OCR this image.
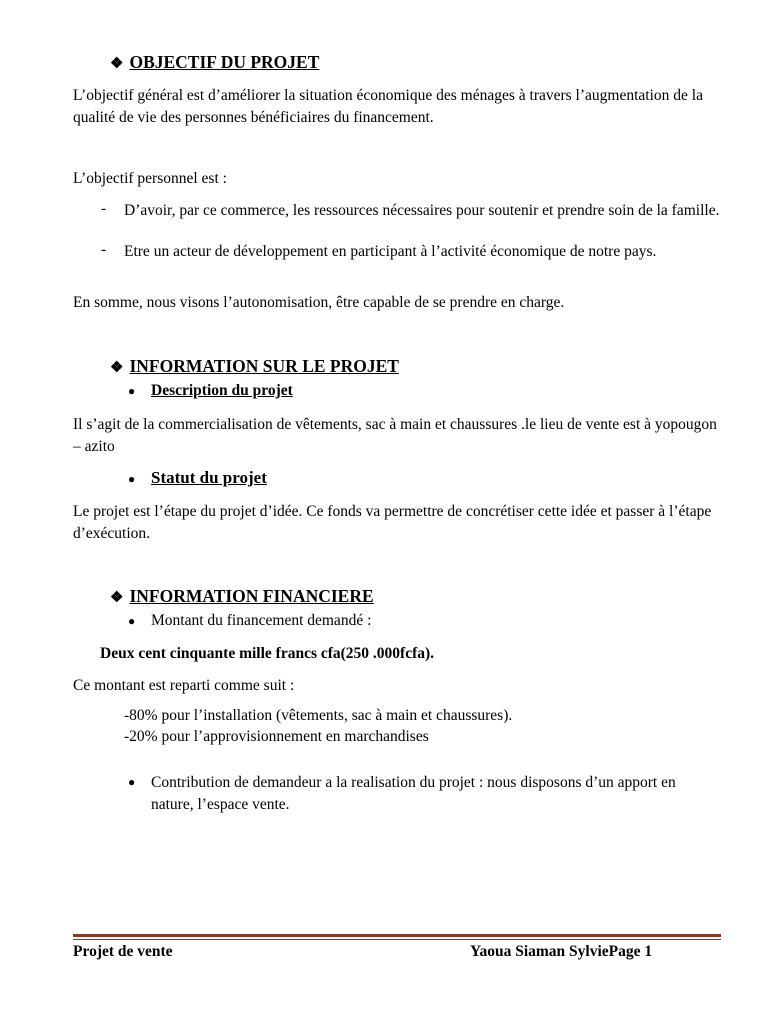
❖ OBJECTIF DU PROJET
L’objectif général est d’améliorer la situation économique des ménages à travers l’augmentation de la qualité de vie des personnes bénéficiaires du financement.
L’objectif personnel est :
- D’avoir, par ce commerce, les ressources nécessaires pour soutenir et prendre soin de la famille.
- Etre un acteur de développement en participant à l’activité économique de notre pays.
En somme, nous visons l’autonomisation, être capable de se prendre en charge.
❖ INFORMATION SUR LE PROJET
● Description du projet
Il s’agit de la commercialisation de vêtements, sac à main et chaussures .le lieu de vente est à yopougon – azito
● Statut du projet
Le projet est l’étape du projet d’idée. Ce fonds va permettre de concrétiser cette idée et passer à l’étape d’exécution.
❖ INFORMATION FINANCIERE
● Montant du financement demandé :
Deux cent cinquante mille francs cfa(250 .000fcfa).
Ce montant est reparti comme suit :
-80% pour l’installation (vêtements, sac à main et chaussures).
-20% pour l’approvisionnement en marchandises
● Contribution de demandeur a la realisation du projet : nous disposons d’un apport en nature, l’espace vente.
Projet de vente	Yaoua Siaman SylviePage 1
